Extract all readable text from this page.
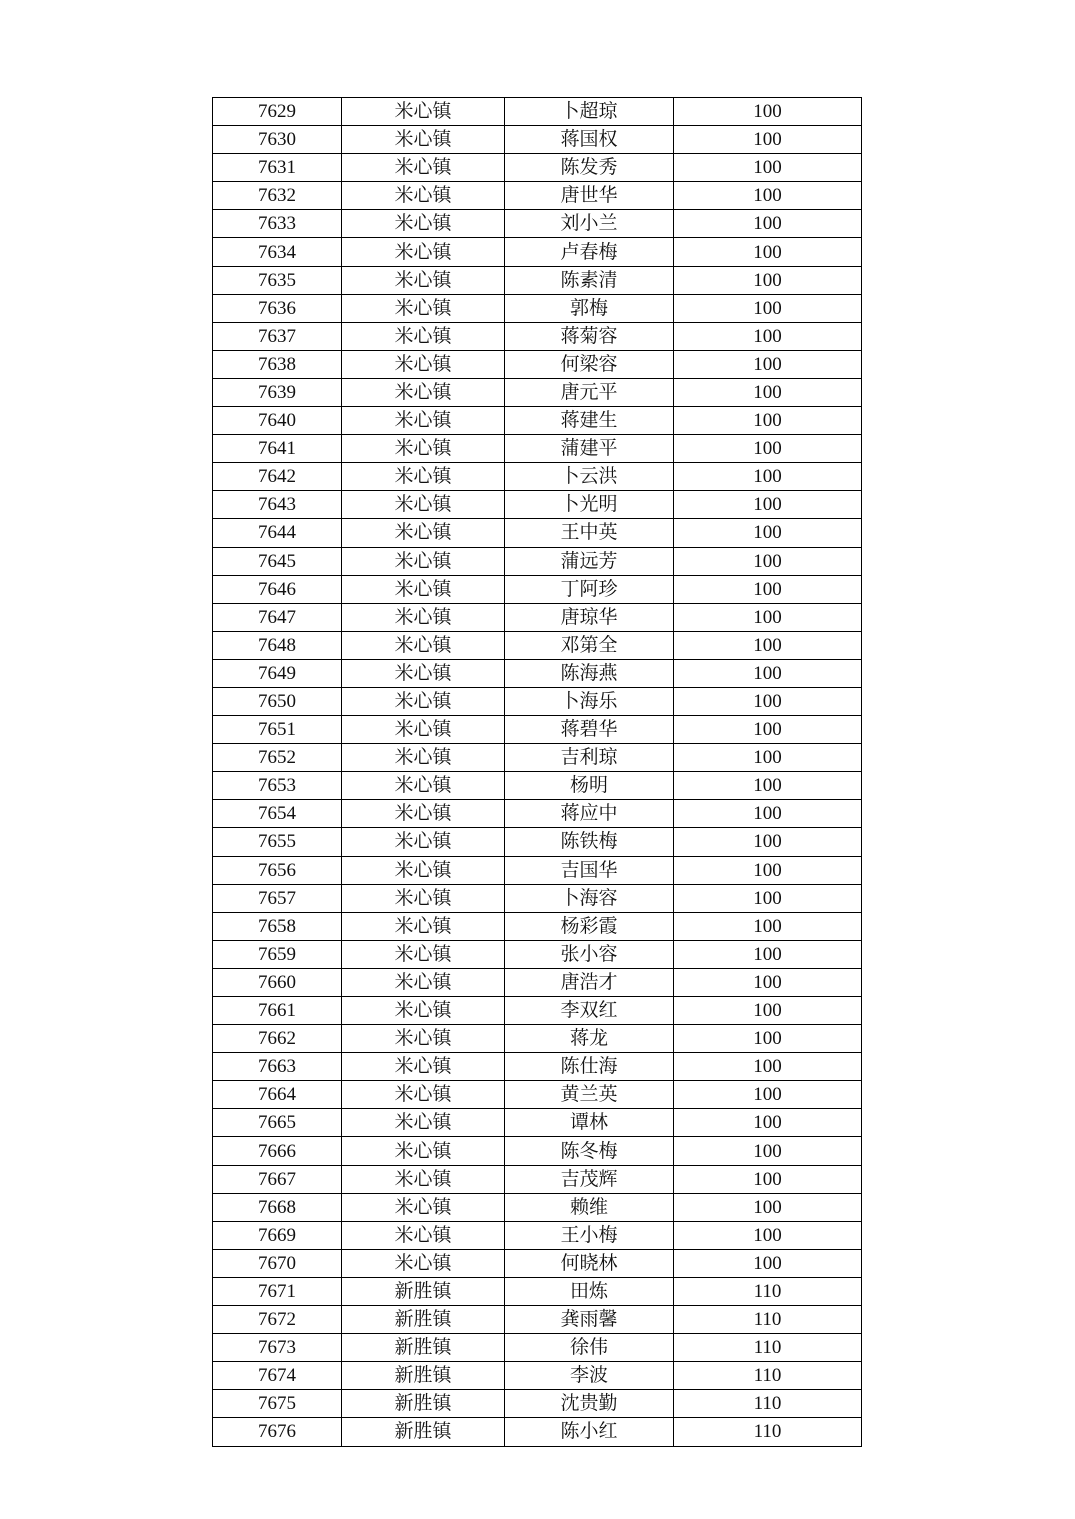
7629	米心镇	卜超琼	100
7630	米心镇	蒋国权	100
7631	米心镇	陈发秀	100
7632	米心镇	唐世华	100
7633	米心镇	刘小兰	100
7634	米心镇	卢春梅	100
7635	米心镇	陈素清	100
7636	米心镇	郭梅	100
7637	米心镇	蒋菊容	100
7638	米心镇	何梁容	100
7639	米心镇	唐元平	100
7640	米心镇	蒋建生	100
7641	米心镇	蒲建平	100
7642	米心镇	卜云洪	100
7643	米心镇	卜光明	100
7644	米心镇	王中英	100
7645	米心镇	蒲远芳	100
7646	米心镇	丁阿珍	100
7647	米心镇	唐琼华	100
7648	米心镇	邓第全	100
7649	米心镇	陈海燕	100
7650	米心镇	卜海乐	100
7651	米心镇	蒋碧华	100
7652	米心镇	吉利琼	100
7653	米心镇	杨明	100
7654	米心镇	蒋应中	100
7655	米心镇	陈铁梅	100
7656	米心镇	吉国华	100
7657	米心镇	卜海容	100
7658	米心镇	杨彩霞	100
7659	米心镇	张小容	100
7660	米心镇	唐浩才	100
7661	米心镇	李双红	100
7662	米心镇	蒋龙	100
7663	米心镇	陈仕海	100
7664	米心镇	黄兰英	100
7665	米心镇	谭林	100
7666	米心镇	陈冬梅	100
7667	米心镇	吉茂辉	100
7668	米心镇	赖维	100
7669	米心镇	王小梅	100
7670	米心镇	何晓林	100
7671	新胜镇	田炼	110
7672	新胜镇	龚雨馨	110
7673	新胜镇	徐伟	110
7674	新胜镇	李波	110
7675	新胜镇	沈贵勤	110
7676	新胜镇	陈小红	110
